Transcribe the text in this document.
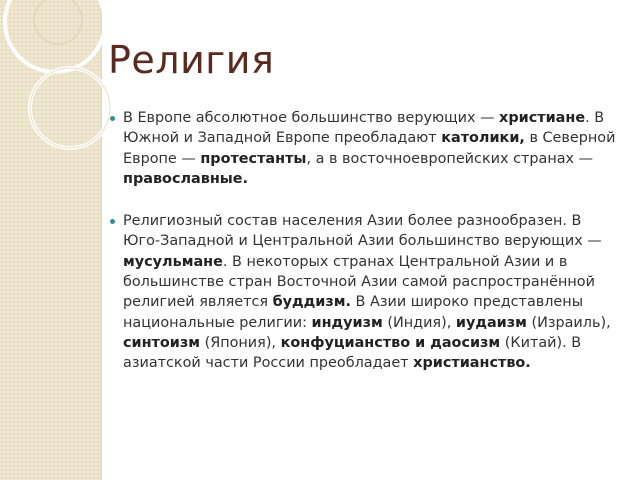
Религия

В Европе абсолютное большинство верующих — христиане. В Южной и Западной Европе преобладают католики, в Северной Европе — протестанты, а в восточноевропейских странах — православные.

Религиозный состав населения Азии более разнообразен. В Юго-Западной и Центральной Азии большинство верующих — мусульмане. В некоторых странах Центральной Азии и в большинстве стран Восточной Азии самой распространённой религией является буддизм. В Азии широко представлены национальные религии: индуизм (Индия), иудаизм (Израиль), синтоизм (Япония), конфуцианство и даосизм (Китай). В азиатской части России преобладает христианство.
